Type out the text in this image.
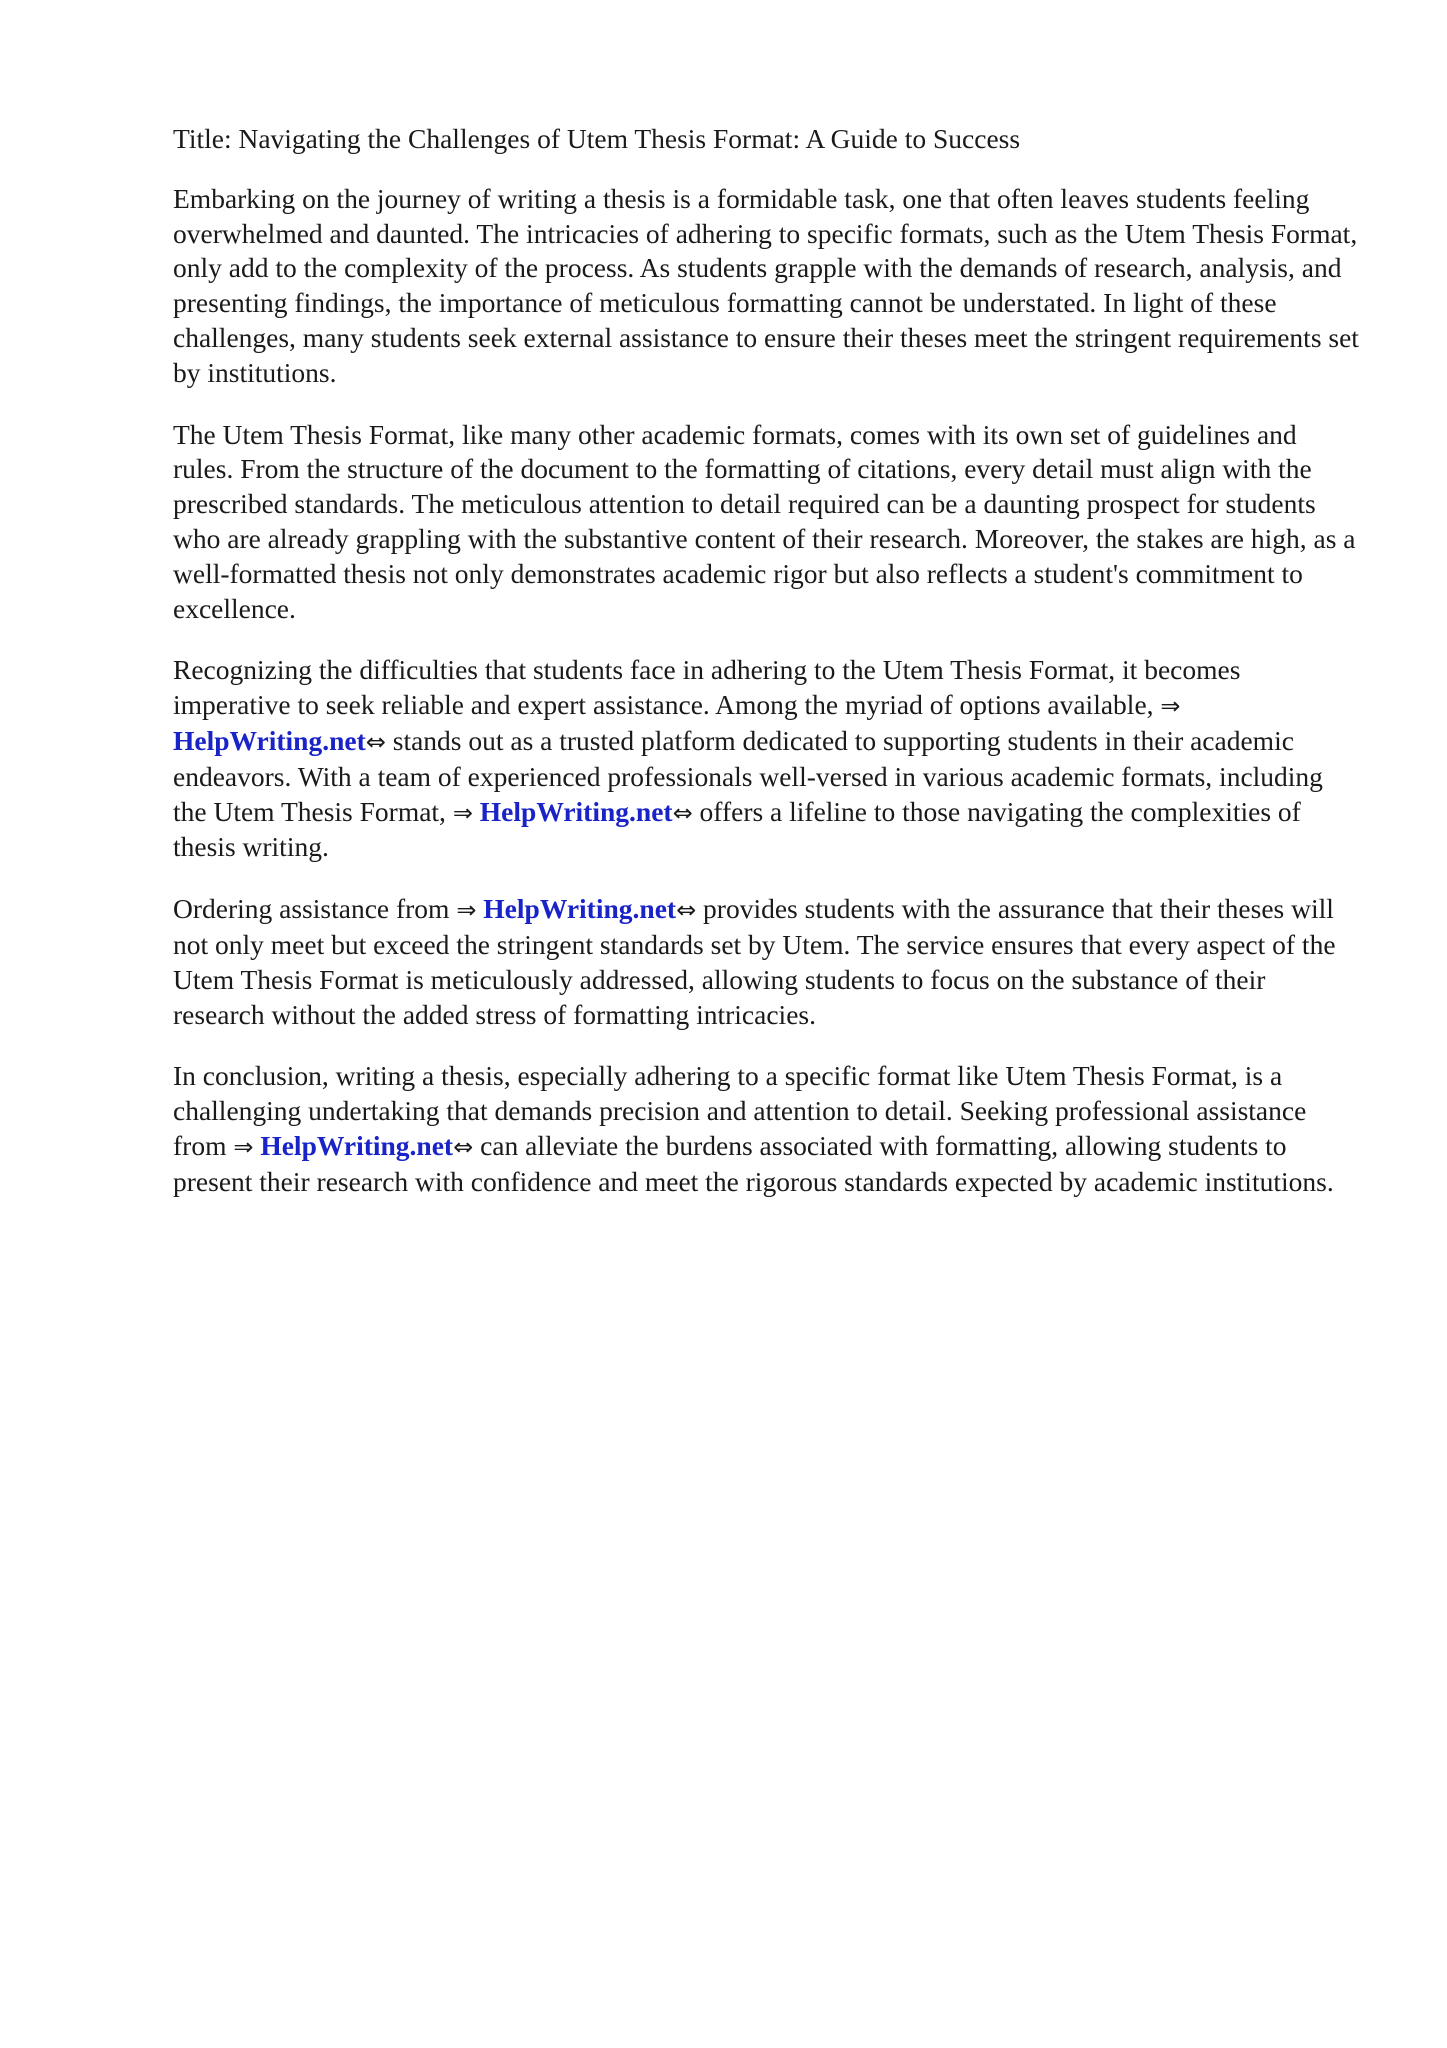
Title: Navigating the Challenges of Utem Thesis Format: A Guide to Success

Embarking on the journey of writing a thesis is a formidable task, one that often leaves students feeling overwhelmed and daunted. The intricacies of adhering to specific formats, such as the Utem Thesis Format, only add to the complexity of the process. As students grapple with the demands of research, analysis, and presenting findings, the importance of meticulous formatting cannot be understated. In light of these challenges, many students seek external assistance to ensure their theses meet the stringent requirements set by institutions.

The Utem Thesis Format, like many other academic formats, comes with its own set of guidelines and rules. From the structure of the document to the formatting of citations, every detail must align with the prescribed standards. The meticulous attention to detail required can be a daunting prospect for students who are already grappling with the substantive content of their research. Moreover, the stakes are high, as a well-formatted thesis not only demonstrates academic rigor but also reflects a student's commitment to excellence.

Recognizing the difficulties that students face in adhering to the Utem Thesis Format, it becomes imperative to seek reliable and expert assistance. Among the myriad of options available, ⇒ HelpWriting.net⇔ stands out as a trusted platform dedicated to supporting students in their academic endeavors. With a team of experienced professionals well-versed in various academic formats, including the Utem Thesis Format, ⇒ HelpWriting.net⇔ offers a lifeline to those navigating the complexities of thesis writing.

Ordering assistance from ⇒ HelpWriting.net⇔ provides students with the assurance that their theses will not only meet but exceed the stringent standards set by Utem. The service ensures that every aspect of the Utem Thesis Format is meticulously addressed, allowing students to focus on the substance of their research without the added stress of formatting intricacies.

In conclusion, writing a thesis, especially adhering to a specific format like Utem Thesis Format, is a challenging undertaking that demands precision and attention to detail. Seeking professional assistance from ⇒ HelpWriting.net⇔ can alleviate the burdens associated with formatting, allowing students to present their research with confidence and meet the rigorous standards expected by academic institutions.
